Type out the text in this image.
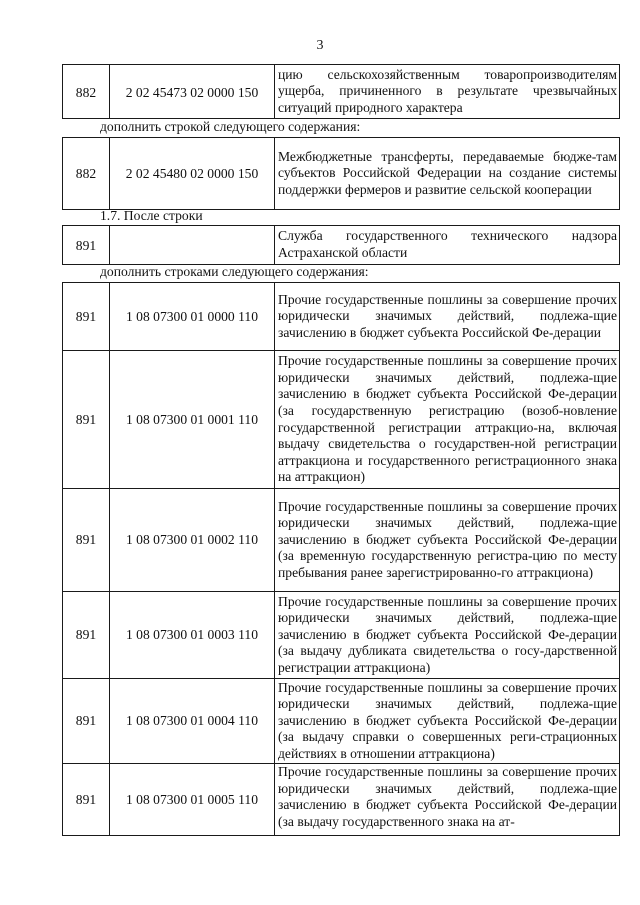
3
882	2 02 45473 02 0000 150	цию сельскохозяйственным товаропроизводителям ущерба, причиненного в результате чрезвычайных ситуаций природного характера
дополнить строкой следующего содержания:
882	2 02 45480 02 0000 150	Межбюджетные трансферты, передаваемые бюдже-там субъектов Российской Федерации на создание системы поддержки фермеров и развитие сельской кооперации
1.7. После строки
891		Служба государственного технического надзора Астраханской области
дополнить строками следующего содержания:
891	1 08 07300 01 0000 110	Прочие государственные пошлины за совершение прочих юридически значимых действий, подлежа-щие зачислению в бюджет субъекта Российской Фе-дерации
891	1 08 07300 01 0001 110	Прочие государственные пошлины за совершение прочих юридически значимых действий, подлежа-щие зачислению в бюджет субъекта Российской Фе-дерации (за государственную регистрацию (возоб-новление государственной регистрации аттракцио-на, включая выдачу свидетельства о государствен-ной регистрации аттракциона и государственного регистрационного знака на аттракцион)
891	1 08 07300 01 0002 110	Прочие государственные пошлины за совершение прочих юридически значимых действий, подлежа-щие зачислению в бюджет субъекта Российской Фе-дерации (за временную государственную регистра-цию по месту пребывания ранее зарегистрированно-го аттракциона)
891	1 08 07300 01 0003 110	Прочие государственные пошлины за совершение прочих юридически значимых действий, подлежа-щие зачислению в бюджет субъекта Российской Фе-дерации (за выдачу дубликата свидетельства о госу-дарственной регистрации аттракциона)
891	1 08 07300 01 0004 110	Прочие государственные пошлины за совершение прочих юридически значимых действий, подлежа-щие зачислению в бюджет субъекта Российской Фе-дерации (за выдачу справки о совершенных реги-страционных действиях в отношении аттракциона)
891	1 08 07300 01 0005 110	Прочие государственные пошлины за совершение прочих юридически значимых действий, подлежа-щие зачислению в бюджет субъекта Российской Фе-дерации (за выдачу государственного знака на ат-
